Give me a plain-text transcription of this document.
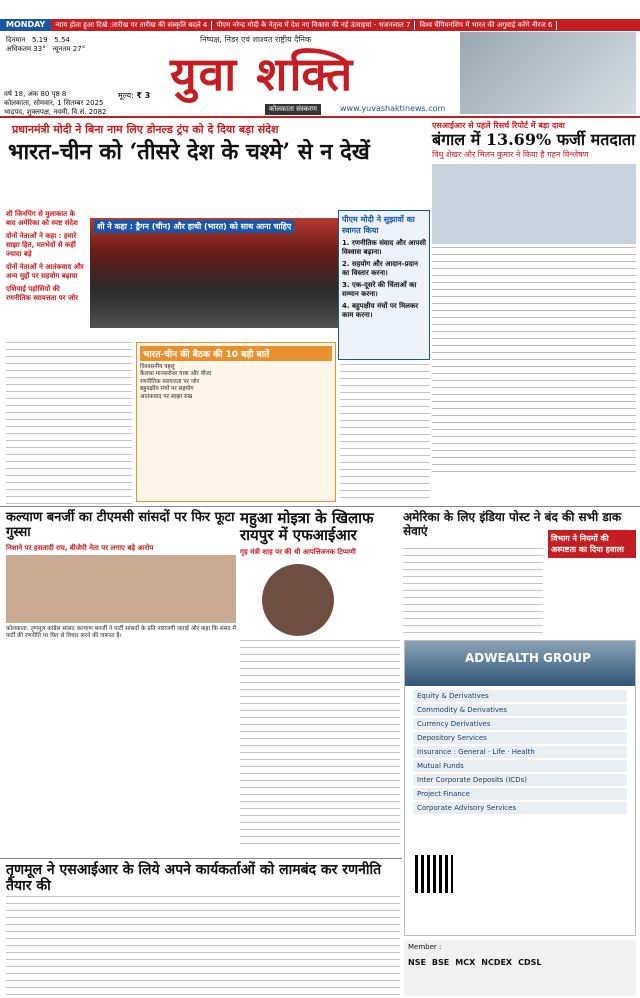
MONDAY	न्याय होता हुआ दिखे :तारीख पर तारीख की संस्कृति बदले 4	पीएम नरेन्द्र मोदी के नेतृत्व में देश नए विकास की नई ऊंचाइयां - भजनलाल 7	विश्व चैंपियनशिप में भारत की अगुवाई करेंगे नीरज 6
दिनमान 5.19 5.54
अधिकतम 33° न्यूनतम 27°
निष्पक्ष, निडर एवं शाश्वत राष्ट्रीय दैनिक
युवा शक्ति
वर्ष 18, अंक 80 पृष्ठ 8
कोलकाता, सोमवार, 1 सितम्बर 2025
भाद्रपद, शुक्लपक्ष, नवमी, वि.सं. 2082
मूल्य: ₹ 3
कोलकाता संस्करण	www.yuvashaktinews.com
प्रधानमंत्री मोदी ने बिना नाम लिए डोनल्ड ट्रंप को दे दिया बड़ा संदेश
भारत-चीन को ‘तीसरे देश के चश्मे’ से न देखें
एसआईआर से पहले रिसर्च रिपोर्ट में बड़ा दावा
बंगाल में 13.69% फर्जी मतदाता
विधु शेखर और मिलन कुमार ने किया है गहन विश्लेषण
शी जिनपिंग से मुलाकात के बाद अमेरिका को स्पष्ट संदेश
दोनों नेताओं ने कहा : हमारे साझा हित, मतभेदों से कहीं ज्यादा बड़े
दोनों नेताओं ने आतंकवाद और अन्य मुद्दों पर सहयोग बढ़ाया
एशियाई पड़ोसियों की रणनीतिक स्वायत्तता पर जोर
शी ने कहा : ड्रैगन (चीन) और हाथी (भारत) को साथ आना चाहिए
पीएम मोदी ने सुझावों का स्वागत किया
1. रणनीतिक संवाद और आपसी विश्वास बढ़ाना।
2. सहयोग और आदान-प्रदान का विस्तार करना।
3. एक-दूसरे की चिंताओं का सम्मान करना।
4. बहुपक्षीय मंचों पर मिलकर काम करना।
भारत-चीन की बैठक की 10 बड़ी बातें
विश्वसनीय पहलू
कैलाश मानसरोवर यात्रा और वीजा
रणनीतिक स्वायत्तता पर जोर
बहुपक्षीय मंचों पर सहयोग
आतंकवाद पर साझा रुख
कल्याण बनर्जी का टीएमसी सांसदों पर फिर फूटा गुस्सा
निशाने पर हसतादी राय, बीजेपी नेता पर लगाए बड़े आरोप
कोलकाता: तृणमूल कांग्रेस सांसद कल्याण बनर्जी ने पार्टी सांसदों के प्रति नाराजगी जताई और कहा कि संसद में पार्टी की रणनीति पर फिर से विचार करने की जरूरत है।
महुआ मोइत्रा के खिलाफ रायपुर में एफआईआर
गृह मंत्री शाह पर की थी आपत्तिजनक टिप्पणी
अमेरिका के लिए इंडिया पोस्ट ने बंद की सभी डाक सेवाएं
विभाग ने नियमों की अस्पष्टता का दिया हवाला
ADWEALTH GROUP
Equity & Derivatives
Commodity & Derivatives
Currency Derivatives
Depository Services
Insurance : General · Life · Health
Mutual Funds
Inter Corporate Deposits (ICDs)
Project Finance
Corporate Advisory Services
Member :
NSE BSE MCX NCDEX CDSL
तृणमूल ने एसआईआर के लिये अपने कार्यकर्ताओं को लामबंद कर रणनीति तैयार की
